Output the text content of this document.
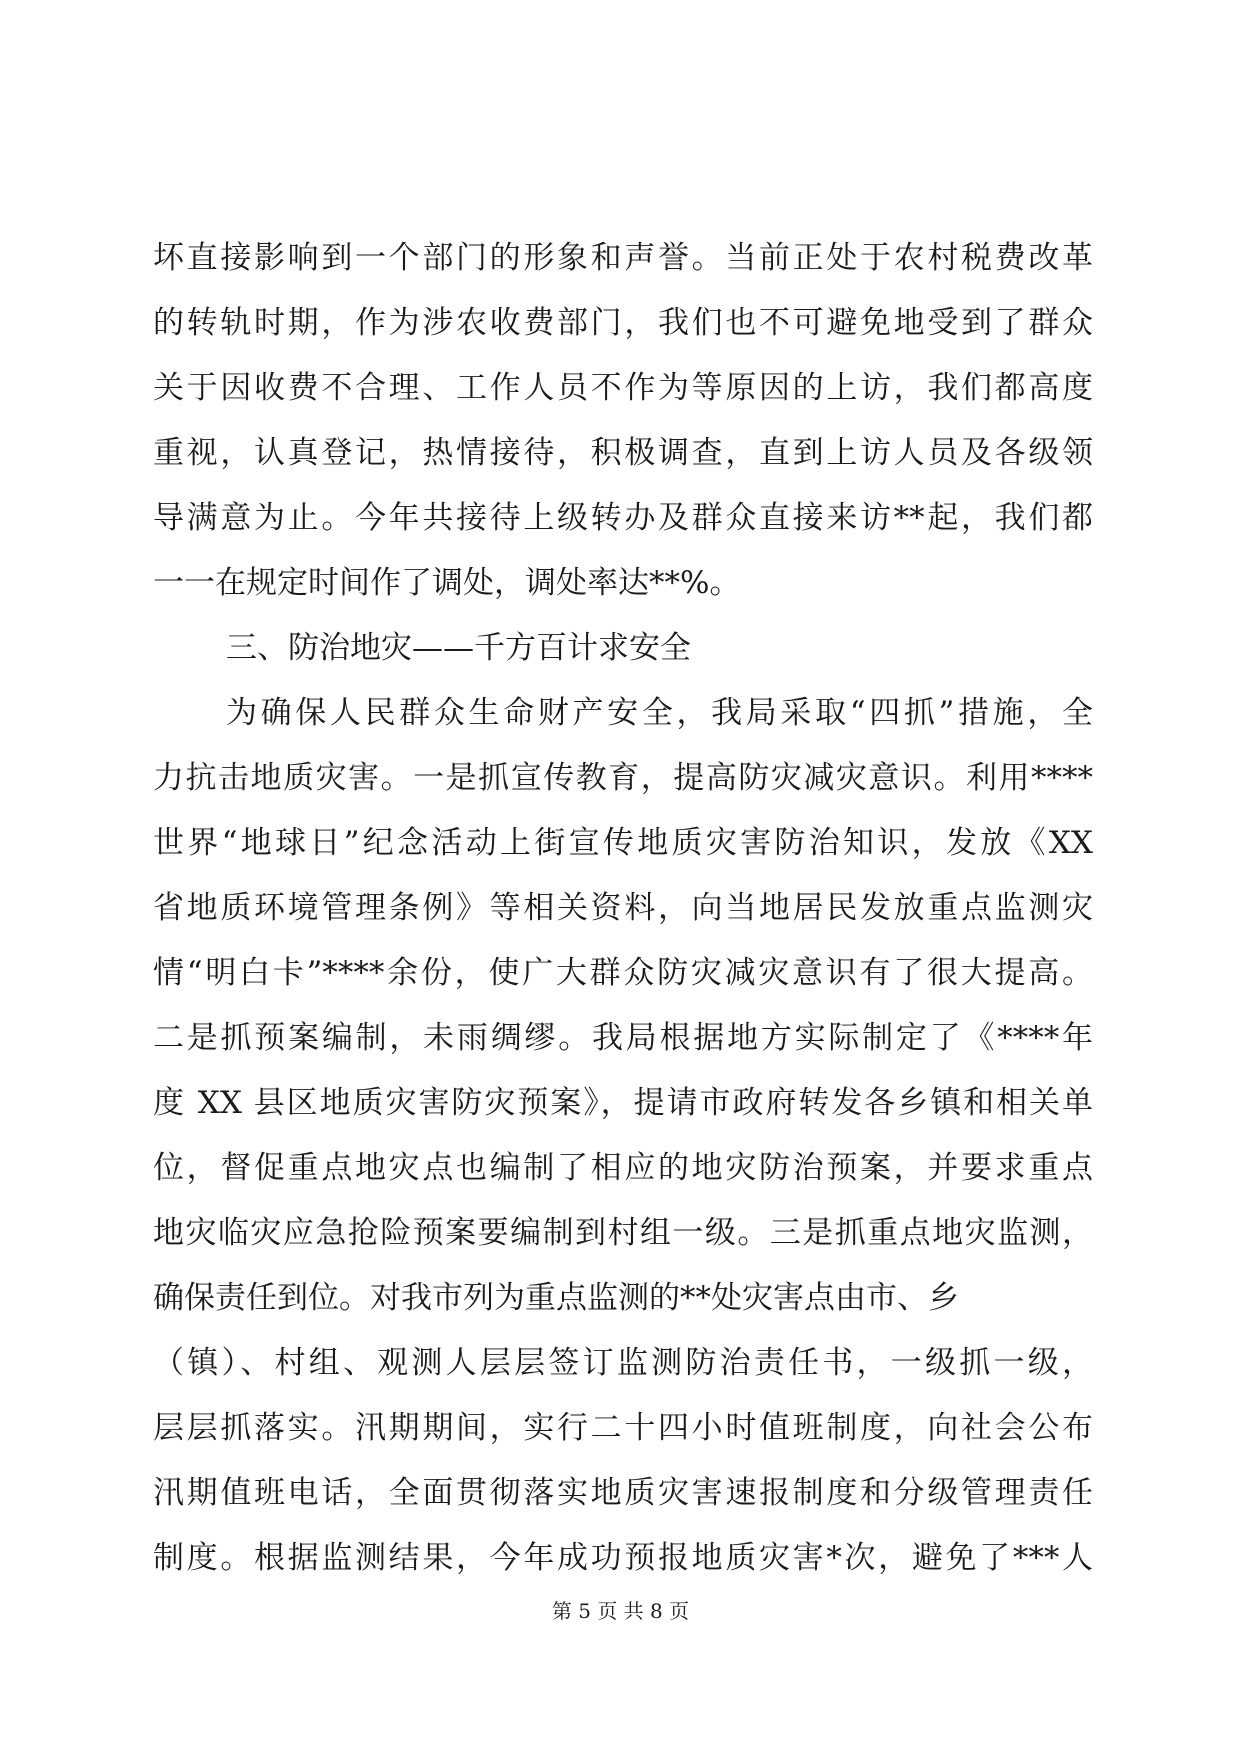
坏直接影响到一个部门的形象和声誉。当前正处于农村税费改革
的转轨时期，作为涉农收费部门，我们也不可避免地受到了群众
关于因收费不合理、工作人员不作为等原因的上访，我们都高度
重视，认真登记，热情接待，积极调查，直到上访人员及各级领
导满意为止。今年共接待上级转办及群众直接来访**起，我们都
一一在规定时间作了调处，调处率达**%。
三、防治地灾——千方百计求安全
为确保人民群众生命财产安全，我局采取“四抓”措施，全
力抗击地质灾害。一是抓宣传教育，提高防灾减灾意识。利用****
世界“地球日”纪念活动上街宣传地质灾害防治知识，发放《XX
省地质环境管理条例》等相关资料，向当地居民发放重点监测灾
情“明白卡”****余份，使广大群众防灾减灾意识有了很大提高。
二是抓预案编制，未雨绸缪。我局根据地方实际制定了《****年
度 XX 县区地质灾害防灾预案》，提请市政府转发各乡镇和相关单
位，督促重点地灾点也编制了相应的地灾防治预案，并要求重点
地灾临灾应急抢险预案要编制到村组一级。三是抓重点地灾监测，
确保责任到位。对我市列为重点监测的**处灾害点由市、乡
（镇）、村组、观测人层层签订监测防治责任书，一级抓一级，
层层抓落实。汛期期间，实行二十四小时值班制度，向社会公布
汛期值班电话，全面贯彻落实地质灾害速报制度和分级管理责任
制度。根据监测结果，今年成功预报地质灾害*次，避免了***人
第 5 页 共 8 页
